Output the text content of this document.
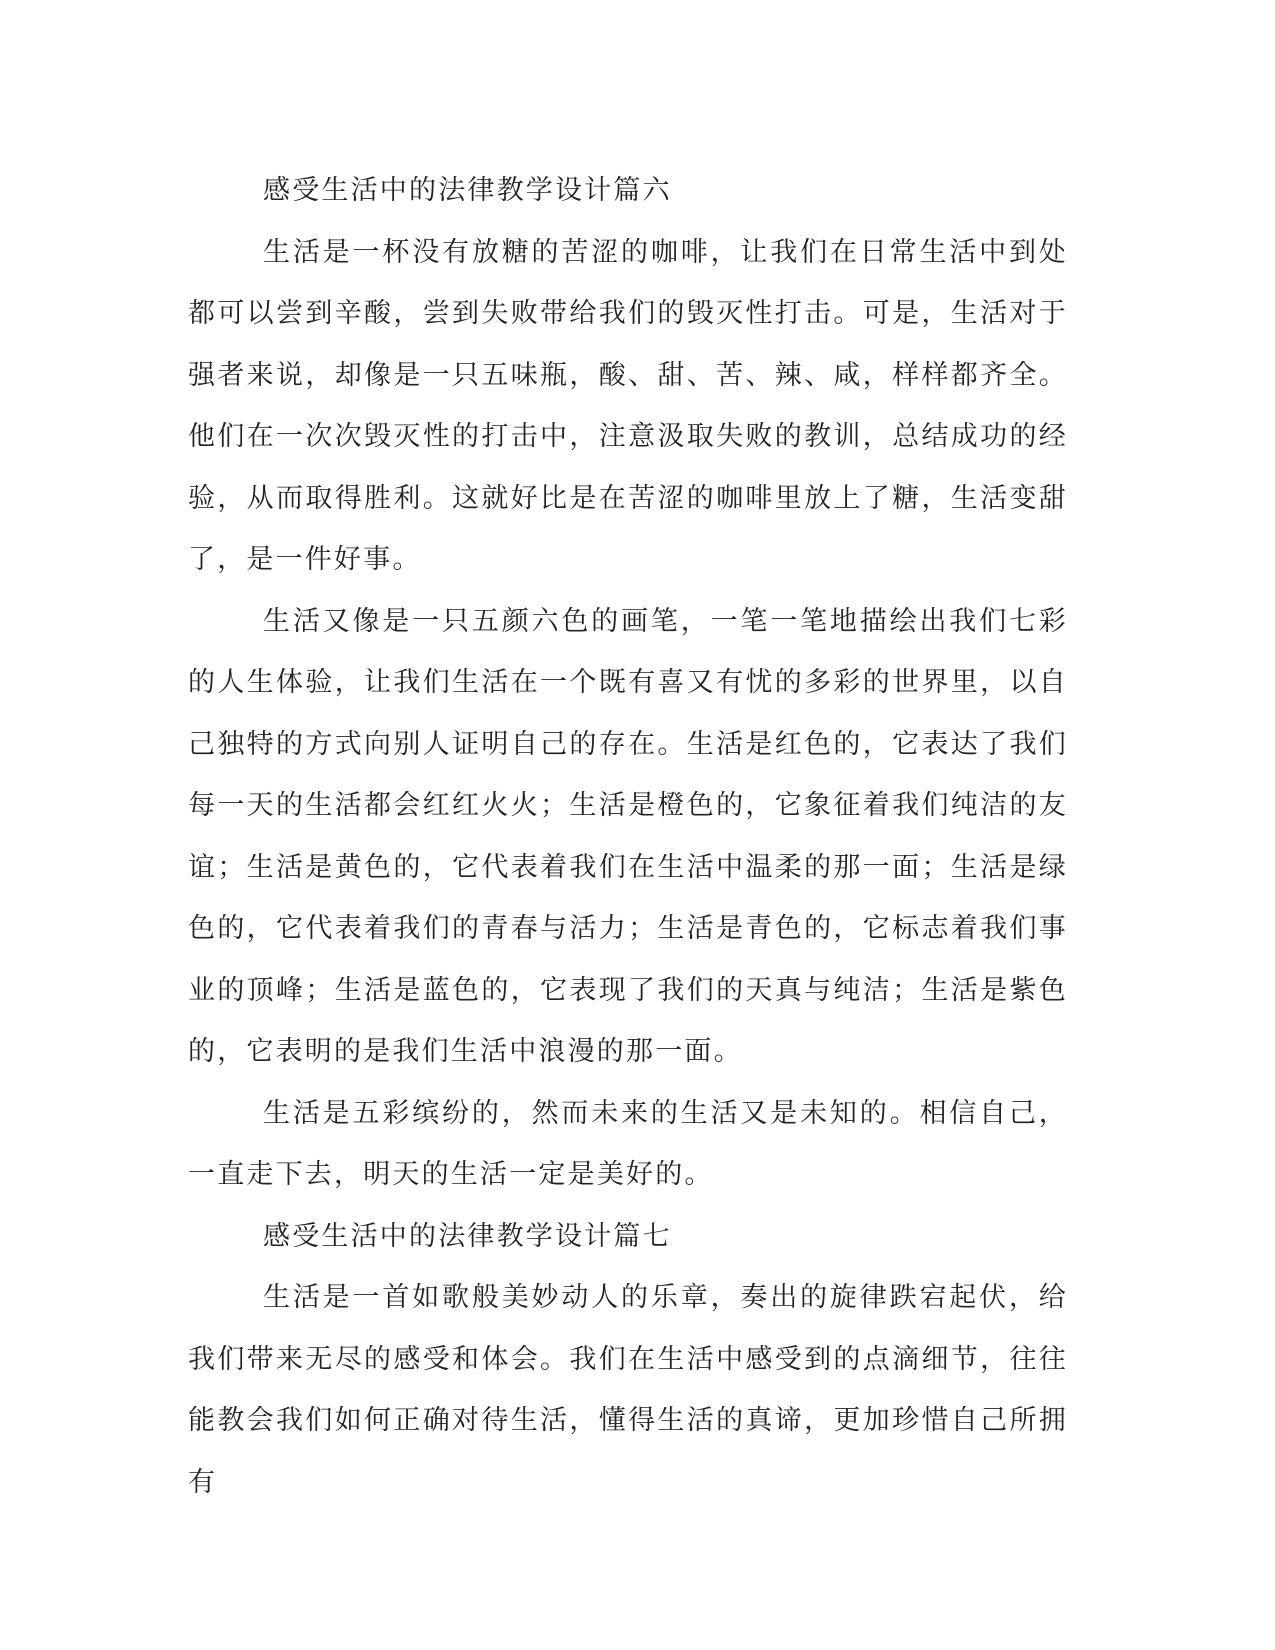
感受生活中的法律教学设计篇六

生活是一杯没有放糖的苦涩的咖啡，让我们在日常生活中到处都可以尝到辛酸，尝到失败带给我们的毁灭性打击。可是，生活对于强者来说，却像是一只五味瓶，酸、甜、苦、辣、咸，样样都齐全。他们在一次次毁灭性的打击中，注意汲取失败的教训，总结成功的经验，从而取得胜利。这就好比是在苦涩的咖啡里放上了糖，生活变甜了，是一件好事。

生活又像是一只五颜六色的画笔，一笔一笔地描绘出我们七彩的人生体验，让我们生活在一个既有喜又有忧的多彩的世界里，以自己独特的方式向别人证明自己的存在。生活是红色的，它表达了我们每一天的生活都会红红火火；生活是橙色的，它象征着我们纯洁的友谊；生活是黄色的，它代表着我们在生活中温柔的那一面；生活是绿色的，它代表着我们的青春与活力；生活是青色的，它标志着我们事业的顶峰；生活是蓝色的，它表现了我们的天真与纯洁；生活是紫色的，它表明的是我们生活中浪漫的那一面。

生活是五彩缤纷的，然而未来的生活又是未知的。相信自己，一直走下去，明天的生活一定是美好的。

感受生活中的法律教学设计篇七

生活是一首如歌般美妙动人的乐章，奏出的旋律跌宕起伏，给我们带来无尽的感受和体会。我们在生活中感受到的点滴细节，往往能教会我们如何正确对待生活，懂得生活的真谛，更加珍惜自己所拥有
